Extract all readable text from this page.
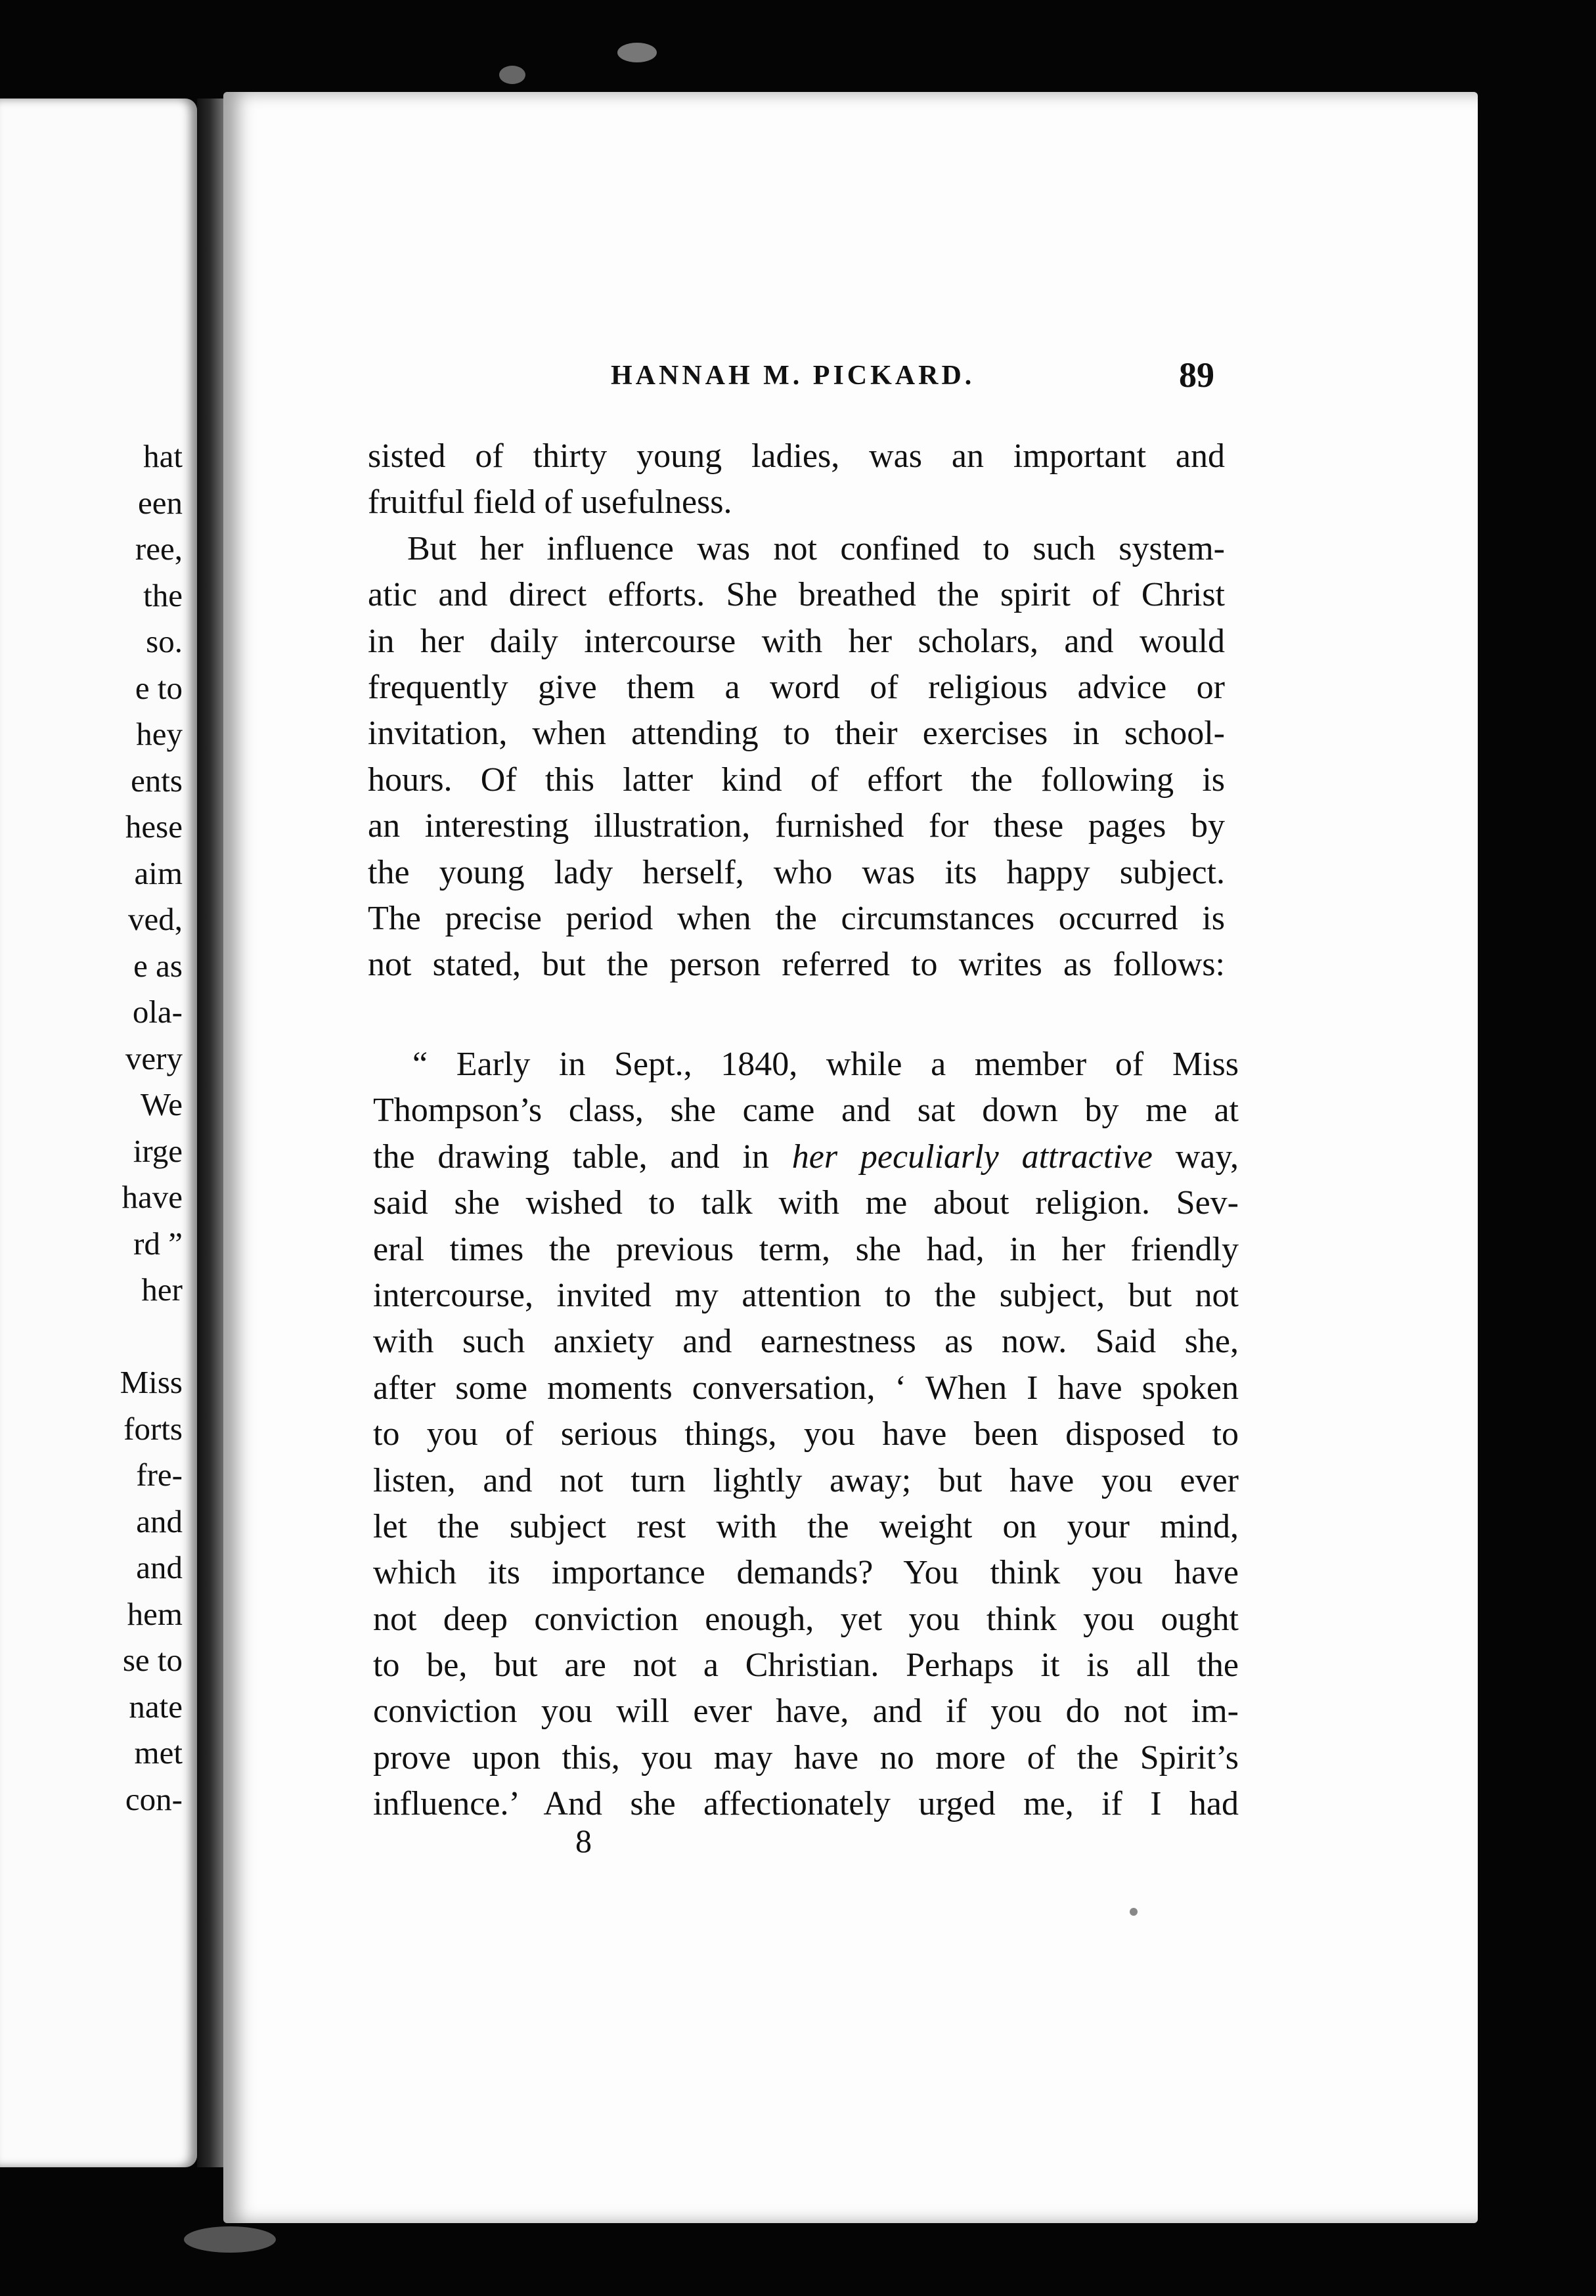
hat
een
ree,
the
so.
e to
hey
ents
hese
aim
ved,
e as
ola-
very
We
irge
have
rd ”
her
Miss
forts
fre-
and
and
hem
se to
nate
met
con-
HANNAH M. PICKARD.	89
sisted of thirty young ladies, was an important and
fruitful field of usefulness.
But her influence was not confined to such system-
atic and direct efforts. She breathed the spirit of Christ
in her daily intercourse with her scholars, and would
frequently give them a word of religious advice or
invitation, when attending to their exercises in school-
hours. Of this latter kind of effort the following is
an interesting illustration, furnished for these pages by
the young lady herself, who was its happy subject.
The precise period when the circumstances occurred is
not stated, but the person referred to writes as follows:
“ Early in Sept., 1840, while a member of Miss
Thompson’s class, she came and sat down by me at
the drawing table, and in her peculiarly attractive way,
said she wished to talk with me about religion. Sev-
eral times the previous term, she had, in her friendly
intercourse, invited my attention to the subject, but not
with such anxiety and earnestness as now. Said she,
after some moments conversation, ‘ When I have spoken
to you of serious things, you have been disposed to
listen, and not turn lightly away; but have you ever
let the subject rest with the weight on your mind,
which its importance demands? You think you have
not deep conviction enough, yet you think you ought
to be, but are not a Christian. Perhaps it is all the
conviction you will ever have, and if you do not im-
prove upon this, you may have no more of the Spirit’s
influence.’ And she affectionately urged me, if I had
8
